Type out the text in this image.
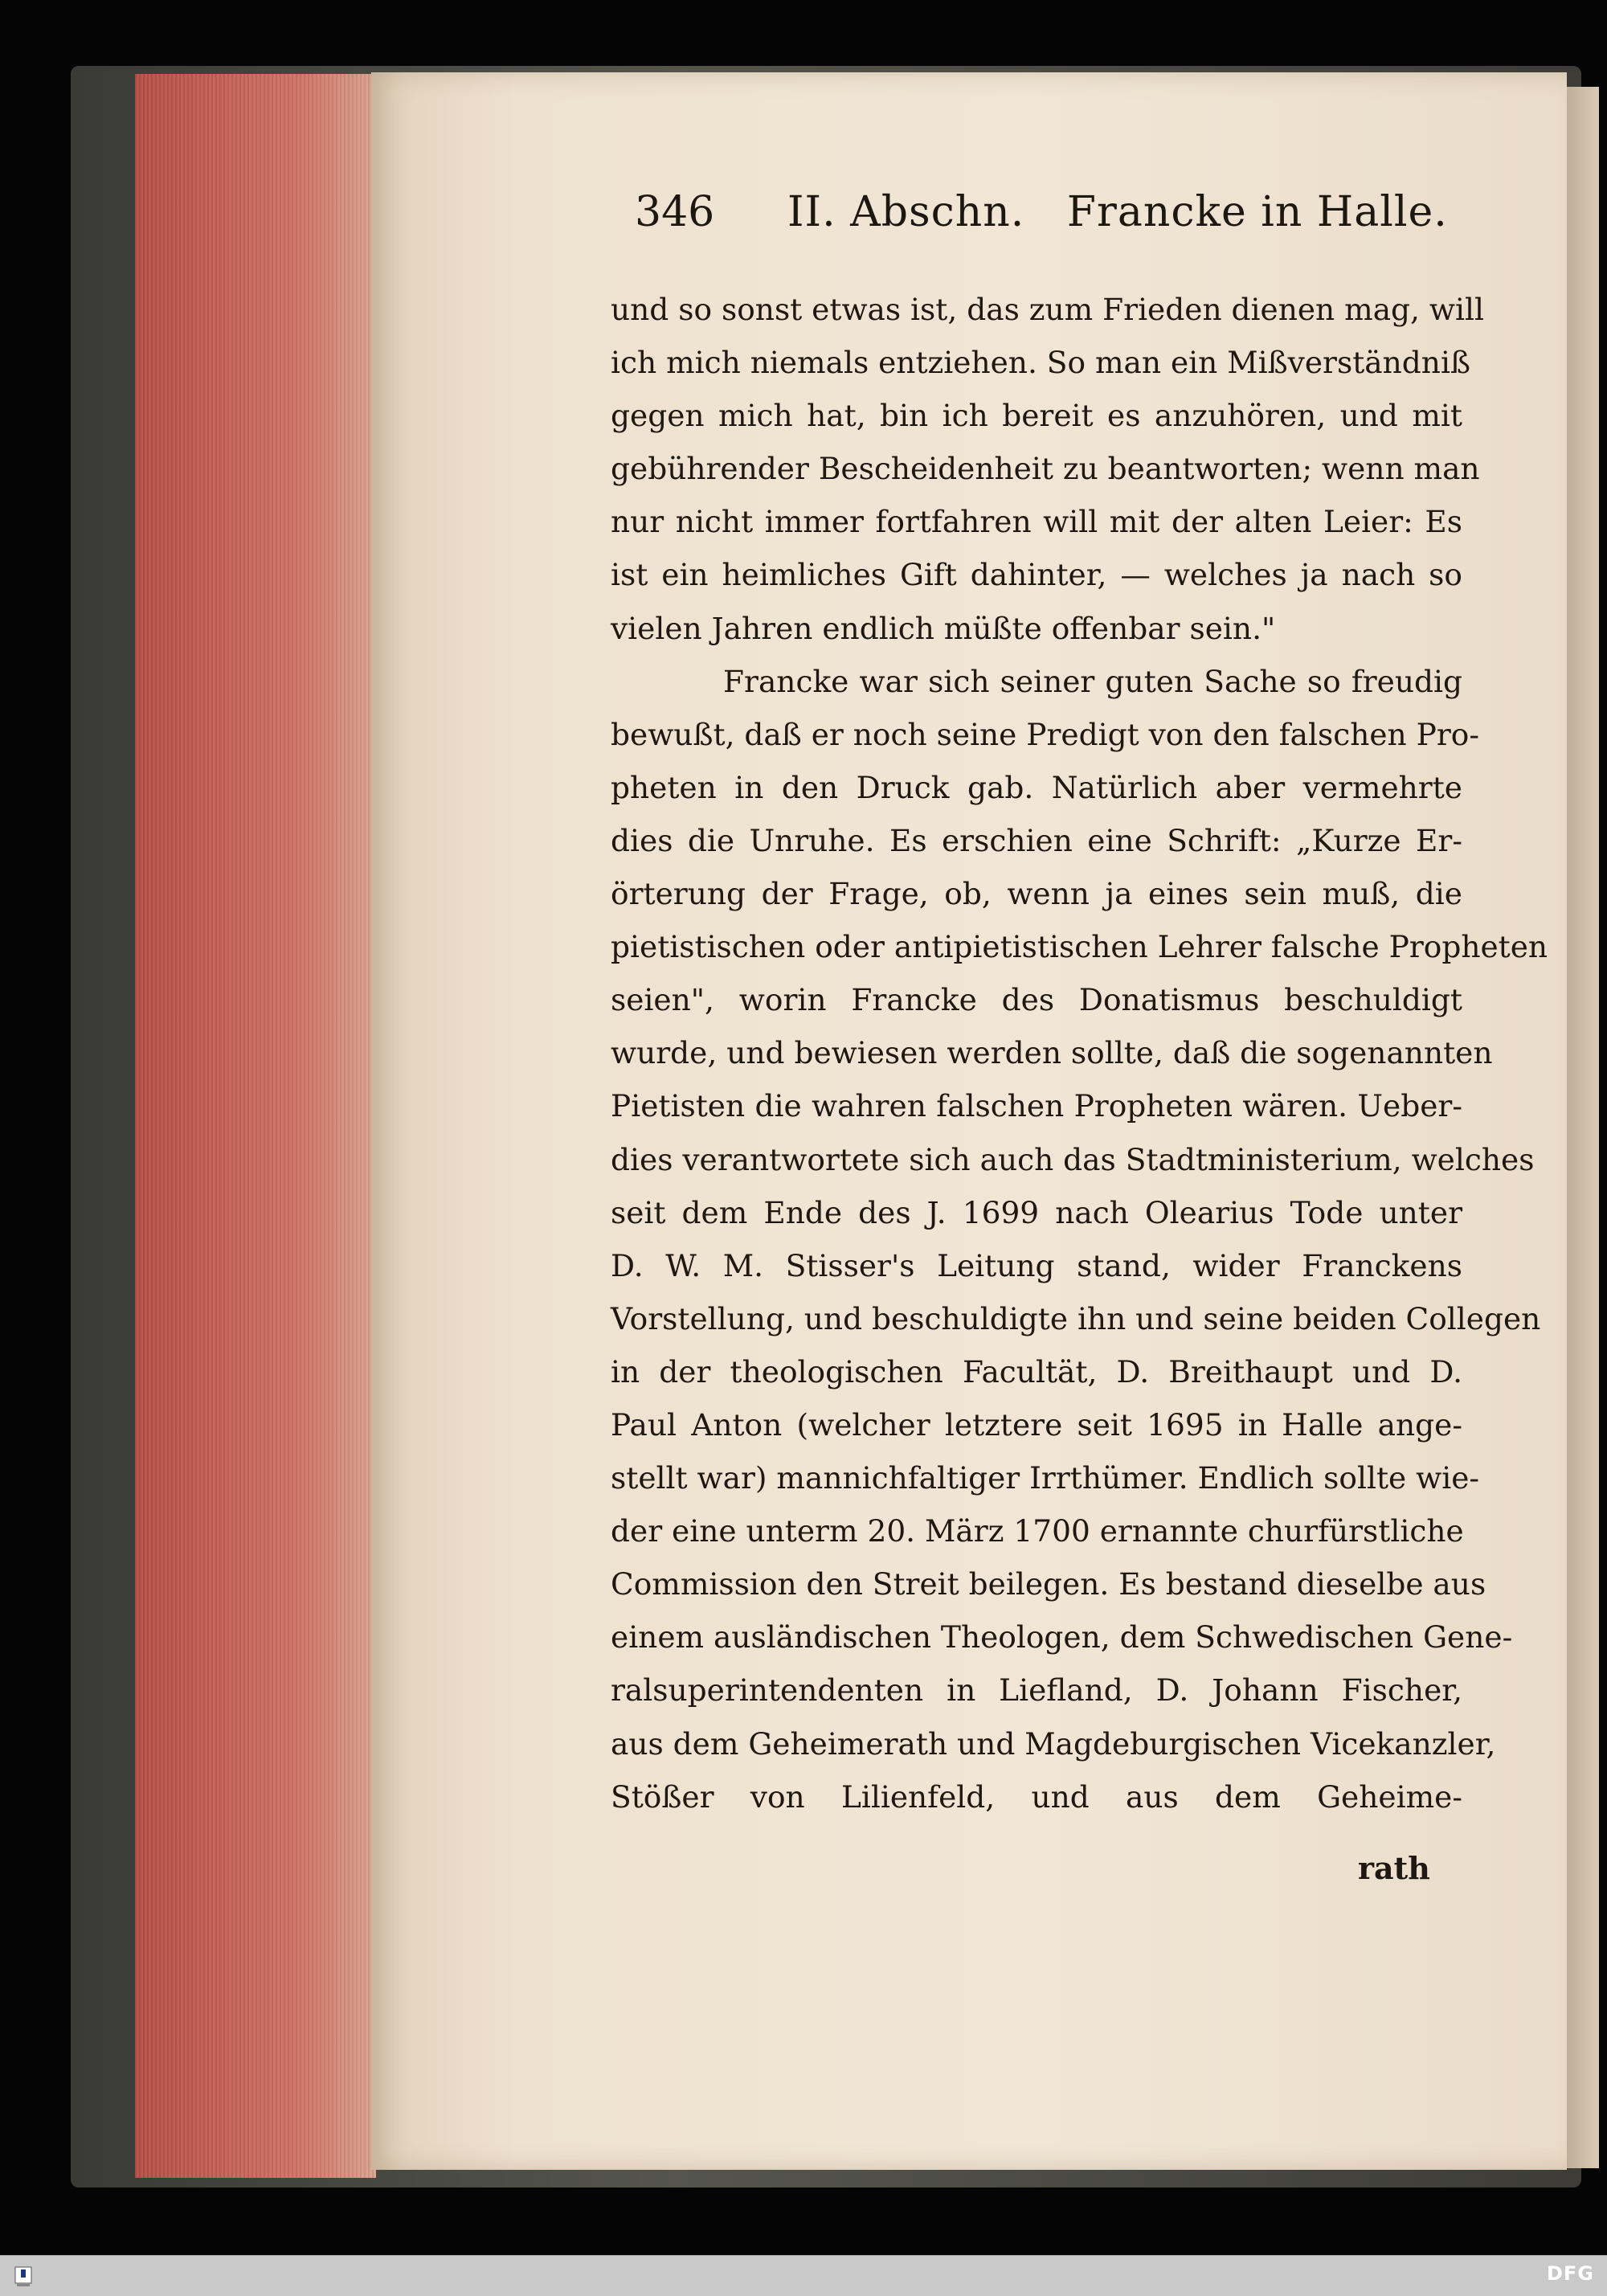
346 II. Abschn.   Francke in Halle.
und so sonst etwas ist, das zum Frieden dienen mag, will
ich mich niemals entziehen. So man ein Mißverständniß
gegen mich hat, bin ich bereit es anzuhören, und mit
gebührender Bescheidenheit zu beantworten; wenn man
nur nicht immer fortfahren will mit der alten Leier: Es
ist ein heimliches Gift dahinter, — welches ja nach so
vielen Jahren endlich müßte offenbar sein."
Francke war sich seiner guten Sache so freudig
bewußt, daß er noch seine Predigt von den falschen Pro-
pheten in den Druck gab. Natürlich aber vermehrte
dies die Unruhe. Es erschien eine Schrift: „Kurze Er-
örterung der Frage, ob, wenn ja eines sein muß, die
pietistischen oder antipietistischen Lehrer falsche Propheten
seien", worin Francke des Donatismus beschuldigt
wurde, und bewiesen werden sollte, daß die sogenannten
Pietisten die wahren falschen Propheten wären. Ueber-
dies verantwortete sich auch das Stadtministerium, welches
seit dem Ende des J. 1699 nach Olearius Tode unter
D. W. M. Stisser's Leitung stand, wider Franckens
Vorstellung, und beschuldigte ihn und seine beiden Collegen
in der theologischen Facultät, D. Breithaupt und D.
Paul Anton (welcher letztere seit 1695 in Halle ange-
stellt war) mannichfaltiger Irrthümer. Endlich sollte wie-
der eine unterm 20. März 1700 ernannte churfürstliche
Commission den Streit beilegen. Es bestand dieselbe aus
einem ausländischen Theologen, dem Schwedischen Gene-
ralsuperintendenten in Liefland, D. Johann Fischer,
aus dem Geheimerath und Magdeburgischen Vicekanzler,
Stößer von Lilienfeld, und aus dem Geheime-
rath
DFG
